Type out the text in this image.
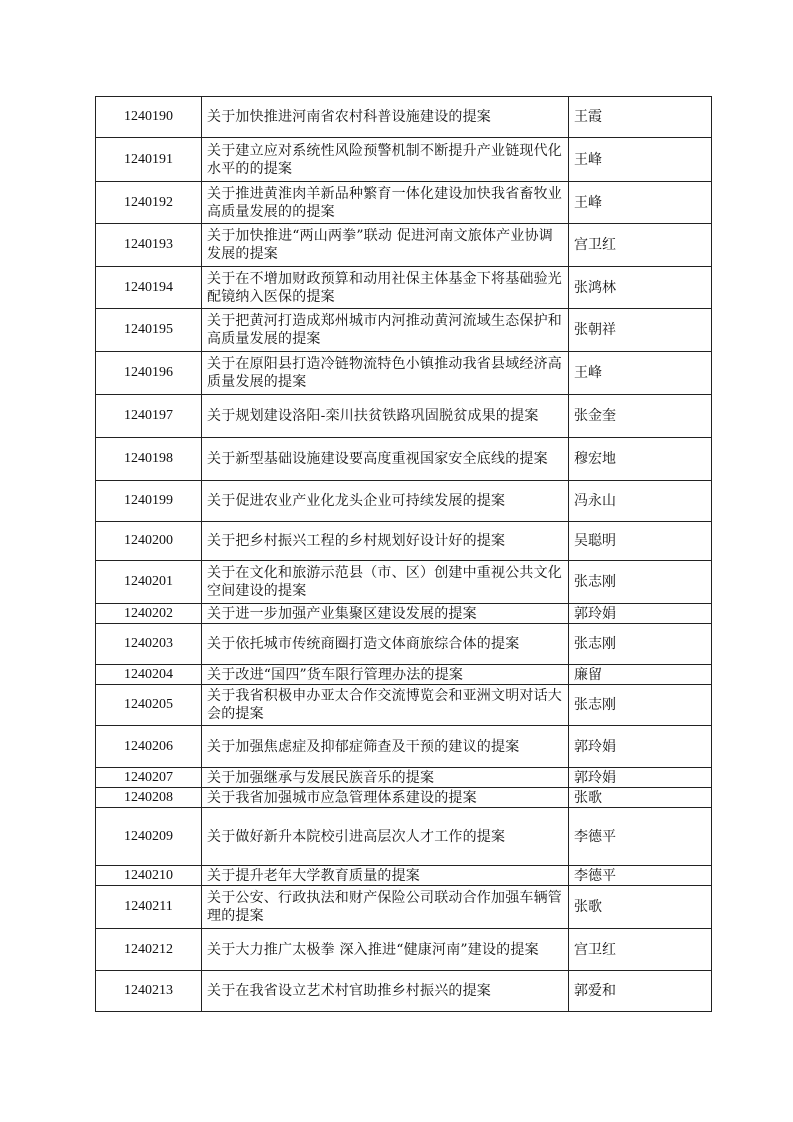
1240190	关于加快推进河南省农村科普设施建设的提案	王霞
1240191	关于建立应对系统性风险预警机制不断提升产业链现代化水平的的提案	王峰
1240192	关于推进黄淮肉羊新品种繁育一体化建设加快我省畜牧业高质量发展的的提案	王峰
1240193	关于加快推进“两山两拳”联动 促进河南文旅体产业协调发展的提案	宫卫红
1240194	关于在不增加财政预算和动用社保主体基金下将基础验光配镜纳入医保的提案	张鸿林
1240195	关于把黄河打造成郑州城市内河推动黄河流域生态保护和高质量发展的提案	张朝祥
1240196	关于在原阳县打造冷链物流特色小镇推动我省县域经济高质量发展的提案	王峰
1240197	关于规划建设洛阳-栾川扶贫铁路巩固脱贫成果的提案	张金奎
1240198	关于新型基础设施建设要高度重视国家安全底线的提案	穆宏地
1240199	关于促进农业产业化龙头企业可持续发展的提案	冯永山
1240200	关于把乡村振兴工程的乡村规划好设计好的提案	吴聪明
1240201	关于在文化和旅游示范县（市、区）创建中重视公共文化空间建设的提案	张志刚
1240202	关于进一步加强产业集聚区建设发展的提案	郭玲娟
1240203	关于依托城市传统商圈打造文体商旅综合体的提案	张志刚
1240204	关于改进“国四”货车限行管理办法的提案	廉留
1240205	关于我省积极申办亚太合作交流博览会和亚洲文明对话大会的提案	张志刚
1240206	关于加强焦虑症及抑郁症筛查及干预的建议的提案	郭玲娟
1240207	关于加强继承与发展民族音乐的提案	郭玲娟
1240208	关于我省加强城市应急管理体系建设的提案	张歌
1240209	关于做好新升本院校引进高层次人才工作的提案	李德平
1240210	关于提升老年大学教育质量的提案	李德平
1240211	关于公安、行政执法和财产保险公司联动合作加强车辆管理的提案	张歌
1240212	关于大力推广太极拳 深入推进“健康河南”建设的提案	宫卫红
1240213	关于在我省设立艺术村官助推乡村振兴的提案	郭爱和
